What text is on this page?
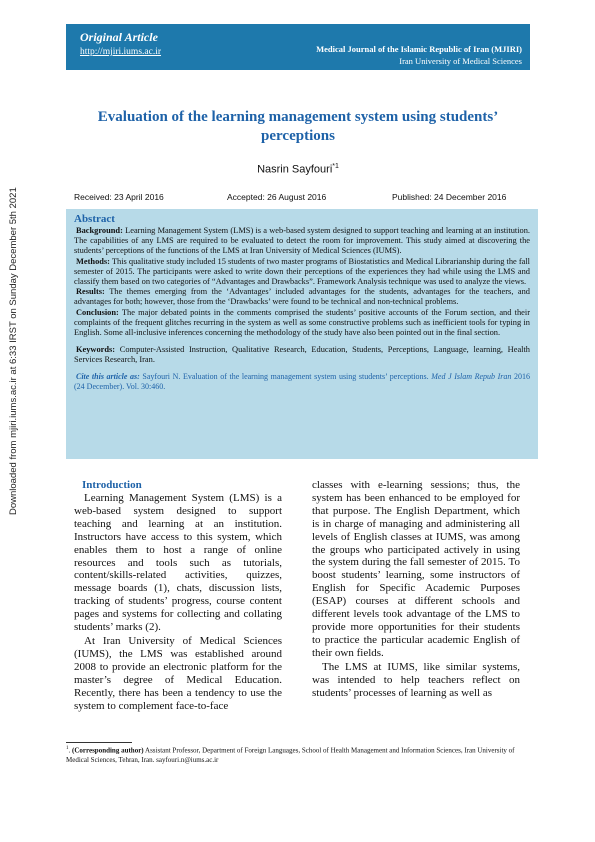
Original Article
http://mjiri.iums.ac.ir	Medical Journal of the Islamic Republic of Iran (MJIRI)
Iran University of Medical Sciences
Downloaded from mjiri.iums.ac.ir at 6:33 IRST on Sunday December 5th 2021
Evaluation of the learning management system using students’ perceptions
Nasrin Sayfouri$^{*1}$
Received: 23 April 2016	Accepted: 26 August 2016	Published: 24 December 2016
Abstract

Background: Learning Management System (LMS) is a web-based system designed to support teaching and learning at an institution. The capabilities of any LMS are required to be evaluated to detect the room for improvement. This study aimed at discovering the students’ perceptions of the functions of the LMS at Iran University of Medical Sciences (IUMS).

Methods: This qualitative study included 15 students of two master programs of Biostatistics and Medical Librarianship during the fall semester of 2015. The participants were asked to write down their perceptions of the experiences they had while using the LMS and classify them based on two categories of “Advantages and Drawbacks”. Framework Analysis technique was used to analyze the views.

Results: The themes emerging from the ‘Advantages’ included advantages for the students, advantages for the teachers, and advantages for both; however, those from the ‘Drawbacks’ were found to be technical and non-technical problems.

Conclusion: The major debated points in the comments comprised the students’ positive accounts of the Forum section, and their complaints of the frequent glitches recurring in the system as well as some constructive problems such as inefficient tools for typing in English. Some all-inclusive inferences concerning the methodology of the study have also been pointed out in the final section.

Keywords: Computer-Assisted Instruction, Qualitative Research, Education, Students, Perceptions, Language, learning, Health Services Research, Iran.

Cite this article as: Sayfouri N. Evaluation of the learning management system using students’ perceptions. Med J Islam Repub Iran 2016 (24 December). Vol. 30:460.

Introduction

Learning Management System (LMS) is a web-based system designed to support teaching and learning at an institution. Instructors have access to this system, which enables them to host a range of online resources and tools such as tutorials, content/skills-related activities, quizzes, message boards (1), chats, discussion lists, tracking of students’ progress, course content pages and systems for collecting and collating students’ marks (2).

At Iran University of Medical Sciences (IUMS), the LMS was established around 2008 to provide an electronic platform for the master’s degree of Medical Education. Recently, there has been a tendency to use the system to complement face-to-face

classes with e-learning sessions; thus, the system has been enhanced to be employed for that purpose. The English Department, which is in charge of managing and administering all levels of English classes at IUMS, was among the groups who participated actively in using the system during the fall semester of 2015. To boost students’ learning, some instructors of English for Specific Academic Purposes (ESAP) courses at different schools and different levels took advantage of the LMS to provide more opportunities for their students to practice the particular academic English of their own fields.

The LMS at IUMS, like similar systems, was intended to help teachers reflect on students’ processes of learning as well as

$^1$. (Corresponding author) Assistant Professor, Department of Foreign Languages, School of Health Management and Information Sciences, Iran University of Medical Sciences, Tehran, Iran. sayfouri.n@iums.ac.ir
